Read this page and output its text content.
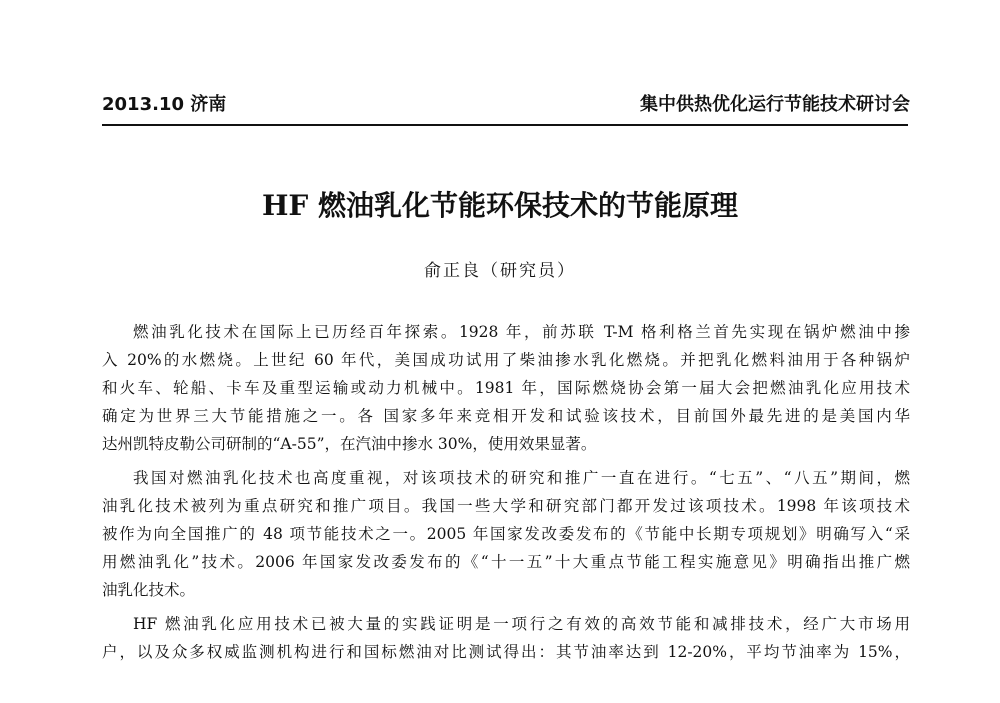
2013.10 济南	集中供热优化运行节能技术研讨会
HF 燃油乳化节能环保技术的节能原理
俞正良（研究员）
燃油乳化技术在国际上已历经百年探索。1928 年，前苏联 T-M 格利格兰首先实现在锅炉燃油中掺
入 20%的水燃烧。上世纪 60 年代，美国成功试用了柴油掺水乳化燃烧。并把乳化燃料油用于各种锅炉
和火车、轮船、卡车及重型运输或动力机械中。1981 年，国际燃烧协会第一届大会把燃油乳化应用技术
确定为世界三大节能措施之一。各 国家多年来竞相开发和试验该技术，目前国外最先进的是美国内华
达州凯特皮勒公司研制的“A-55”，在汽油中掺水 30%，使用效果显著。
我国对燃油乳化技术也高度重视，对该项技术的研究和推广一直在进行。“七五”、“八五”期间，燃
油乳化技术被列为重点研究和推广项目。我国一些大学和研究部门都开发过该项技术。1998 年该项技术
被作为向全国推广的 48 项节能技术之一。2005 年国家发改委发布的《节能中长期专项规划》明确写入“采
用燃油乳化”技术。2006 年国家发改委发布的《“十一五”十大重点节能工程实施意见》明确指出推广燃
油乳化技术。
HF 燃油乳化应用技术已被大量的实践证明是一项行之有效的高效节能和减排技术，经广大市场用
户，以及众多权威监测机构进行和国标燃油对比测试得出：其节油率达到 12-20%，平均节油率为 15%，
